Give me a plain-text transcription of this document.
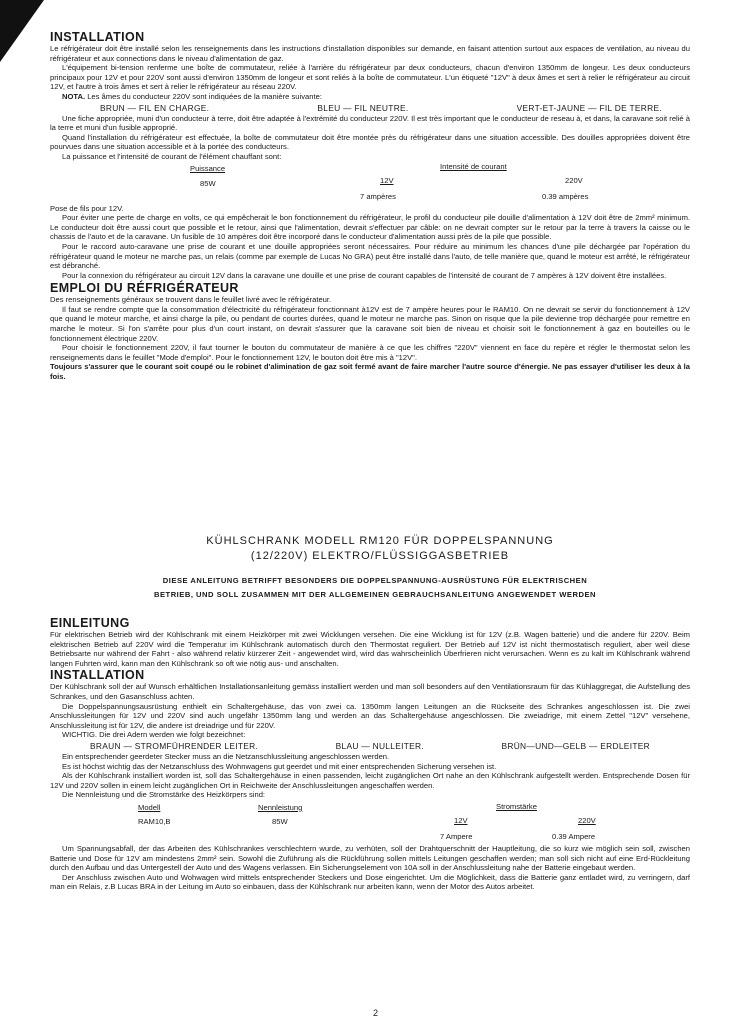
INSTALLATION

Le réfrigérateur doit être installé selon les renseignements dans les instructions d'installation disponibles sur demande, en faisant attention surtout aux espaces de ventilation, au niveau du réfrigérateur et aux connections dans le niveau d'alimentation de gaz.

L'équipement bi-tension renferme une boîte de commutateur, reliée à l'arrière du réfrigérateur par deux conducteurs, chacun d'environ 1350mm de longeur. Les deux conducteurs principaux pour 12V et pour 220V sont aussi d'environ 1350mm de longeur et sont reliés à la boîte de commutateur. L'un étiqueté "12V" à deux âmes et sert à relier le réfrigérateur au circuit 12V, et l'autre à trois âmes et sert à relier le réfrigérateur au réseau 220V.

NOTA. Les âmes du conducteur 220V sont indiquées de la manière suivante:

BRUN — FIL EN CHARGE.	BLEU — FIL NEUTRE.	VERT-ET-JAUNE — FIL DE TERRE.

Une fiche appropriée, muni d'un conducteur à terre, doit être adaptée à l'extrémité du conducteur 220V. Il est très important que le conducteur de reseau à, et dans, la caravane soit relié à la terre et muni d'un fusible approprié.

Quand l'installation du réfrigérateur est effectuée, la boîte de commutateur doit être montée près du réfrigérateur dans une situation accessible. Des douilles appropriées doivent être pourvues dans une situation accessible et à la portée des conducteurs.

La puissance et l'intensité de courant de l'élément chauffant sont:

Puissance	Intensité de courant
85W	12V	220V
7 ampères	0.39 ampères

Pose de fils pour 12V.

Pour éviter une perte de charge en volts, ce qui empêcherait le bon fonctionnement du réfrigérateur, le profil du conducteur pile douille d'alimentation à 12V doit être de 2mm² minimum. Le conducteur doit être aussi court que possible et le retour, ainsi que l'alimentation, devrait s'effectuer par câble: on ne devrait compter sur le retour par la terre à travers la caisse ou le chassis de l'auto et de la caravane. Un fusible de 10 ampères doit être incorporé dans le conducteur d'alimentation aussi près de la pile que possible.

Pour le raccord auto-caravane une prise de courant et une douille appropriées seront nécessaires. Pour réduire au minimum les chances d'une pile déchargée par l'opération du réfrigérateur quand le moteur ne marche pas, un relais (comme par exemple de Lucas No GRA) peut être installé dans l'auto, de telle manière que, quand le moteur est arrêté, le réfrigérateur est débranché.

Pour la connexion du réfrigérateur au circuit 12V dans la caravane une douille et une prise de courant capables de l'intensité de courant de 7 ampères à 12V doivent être installées.

EMPLOI DU RÉFRIGÉRATEUR

Des renseignements généraux se trouvent dans le feuillet livré avec le réfrigérateur.

Il faut se rendre compte que la consommation d'électricité du réfrigérateur fonctionnant à12V est de 7 ampère heures pour le RAM10. On ne devrait se servir du fonctionnement à 12V que quand le moteur marche, et ainsi charge la pile, ou pendant de courtes durées, quand le moteur ne marche pas. Sinon on risque que la pile devienne trop déchargée pour remettre en marche le moteur. Si l'on s'arrête pour plus d'un court instant, on devrait s'assurer que la caravane soit bien de niveau et choisir soit le fonctionnement à gaz en bouteilles ou le fonctionnement électrique 220V.

Pour choisir le fonctionnement 220V, il faut tourner le bouton du commutateur de manière à ce que les chiffres "220V" viennent en face du repère et régler le thermostat selon les renseignements dans le feuillet "Mode d'emploi". Pour le fonctionnement 12V, le bouton doit être mis à "12V".

Toujours s'assurer que le courant soit coupé ou le robinet d'alimination de gaz soit fermé avant de faire marcher l'autre source d'énergie. Ne pas essayer d'utiliser les deux à la fois.

KÜHLSCHRANK MODELL RM120 FÜR DOPPELSPANNUNG
(12/220V) ELEKTRO/FLÜSSIGGASBETRIEB
DIESE ANLEITUNG BETRIFFT BESONDERS DIE DOPPELSPANNUNG-AUSRÜSTUNG FÜR ELEKTRISCHEN
BETRIEB, UND SOLL ZUSAMMEN MIT DER ALLGEMEINEN GEBRAUCHSANLEITUNG ANGEWENDET WERDEN
EINLEITUNG

Für elektrischen Betrieb wird der Kühlschrank mit einem Heizkörper mit zwei Wicklungen versehen. Die eine Wicklung ist für 12V (z.B. Wagen batterie) und die andere für 220V. Beim elektrischen Betrieb auf 220V wird die Temperatur im Kühlschrank automatisch durch den Thermostat reguliert. Der Betrieb auf 12V ist nicht thermostatisch reguliert, aber weil diese Betriebsarte nur während der Fahrt - also während relativ kürzerer Zeit - angewendet wird, wird das wahrscheinlich Überfrieren nicht verursachen. Wenn es zu kalt im Kühlschrank während langen Fuhrten wird, kann man den Kühlschrank so oft wie nötig aus- und anschalten.

INSTALLATION

Der Kühlschrank soll der auf Wunsch erhältlichen Installationsanleitung gemäss installiert werden und man soll besonders auf den Ventilationsraum für das Kühlaggregat, die Aufstellung des Schrankes, und den Gasanschluss achten.

Die Doppelspannungsausrüstung enthielt ein Schaltergehäuse, das von zwei ca. 1350mm langen Leitungen an die Rückseite des Schrankes angeschlossen ist. Die zwei Anschlussleitungen für 12V und 220V sind auch ungefähr 1350mm lang und werden an das Schaltergehäuse angeschlossen. Die zweiadrige, mit einem Zettel "12V" versehene, Anschlussleitung ist für 12V, die andere ist dreiadrige und für 220V.

WICHTIG. Die drei Adern werden wie folgt bezeichnet:

BRAUN — STROMFÜHRENDER LEITER.	BLAU — NULLEITER.	BRÜN—UND—GELB — ERDLEITER

Ein entsprechender geerdeter Stecker muss an die Netzanschlussleitung angeschlossen werden.

Es ist höchst wichtig das der Netzanschluss des Wohnwagens gut geerdet und mit einer entsprechenden Sicherung versehen ist.

Als der Kühlschrank installiert worden ist, soll das Schaltergehäuse in einen passenden, leicht zugänglichen Ort nahe an den Kühlschrank aufgestellt werden. Entsprechende Dosen für 12V und 220V sollen in einem leicht zugänglichen Ort in Reichweite der Anschlussleitungen angeschaffen werden.

Die Nennleistung und die Stromstärke des Heizkörpers sind:

Modell	Nennleistung	Stromstärke
RAM10,B	85W	12V	220V
7 Ampere	0.39 Ampere

Um Spannungsabfall, der das Arbeiten des Kühlschrankes verschlechtern wurde, zu verhüten, soll der Drahtquerschnitt der Hauptleitung, die so kurz wie möglich sein soll, zwischen Batterie und Dose für 12V am mindestens 2mm² sein. Sowohl die Zuführung als die Rückführung sollen mittels Leitungen geschaffen werden; man soll sich nicht auf eine Erd-Rückleitung durch den Aufbau und das Untergestell der Auto und des Wagens verlassen. Ein Sicherungselement von 10A soll in der Anschlussleitung nahe der Batterie eingebaut werden.

Der Anschluss zwischen Auto und Wohwagen wird mittels entsprechender Steckers und Dose eingerichtet. Um die Möglichkeit, dass die Batterie ganz entladet wird, zu verringern, darf man ein Relais, z.B Lucas BRA in der Leitung im Auto so einbauen, dass der Kühlschrank nur arbeiten kann, wenn der Motor des Autos arbeitet.

2
